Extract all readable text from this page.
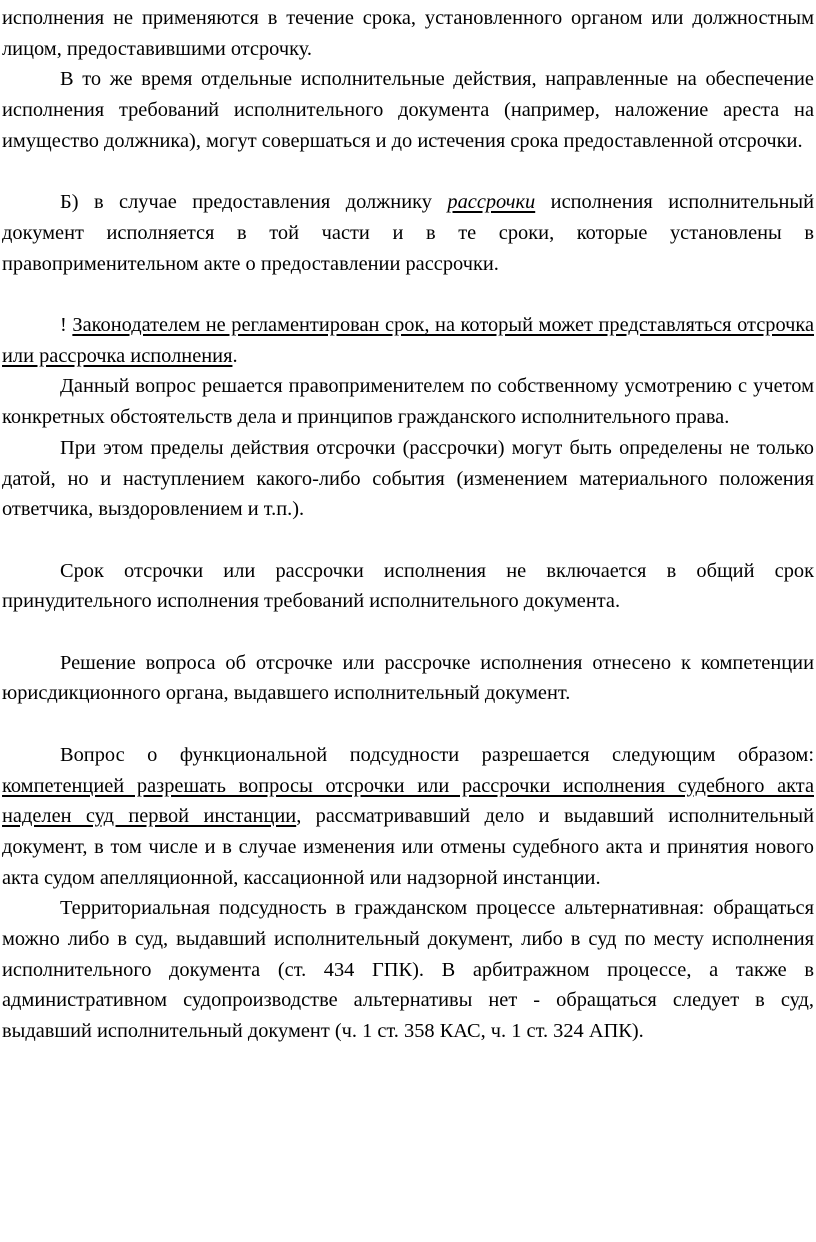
исполнения не применяются в течение срока, установленного органом или должностным лицом, предоставившими отсрочку.

В то же время отдельные исполнительные действия, направленные на обеспечение исполнения требований исполнительного документа (например, наложение ареста на имущество должника), могут совершаться и до истечения срока предоставленной отсрочки.

Б) в случае предоставления должнику рассрочки исполнения исполнительный документ исполняется в той части и в те сроки, которые установлены в правоприменительном акте о предоставлении рассрочки.

! Законодателем не регламентирован срок, на который может представляться отсрочка или рассрочка исполнения.

Данный вопрос решается правоприменителем по собственному усмотрению с учетом конкретных обстоятельств дела и принципов гражданского исполнительного права.

При этом пределы действия отсрочки (рассрочки) могут быть определены не только датой, но и наступлением какого-либо события (изменением материального положения ответчика, выздоровлением и т.п.).

Срок отсрочки или рассрочки исполнения не включается в общий срок принудительного исполнения требований исполнительного документа.

Решение вопроса об отсрочке или рассрочке исполнения отнесено к компетенции юрисдикционного органа, выдавшего исполнительный документ.

Вопрос о функциональной подсудности разрешается следующим образом: компетенцией разрешать вопросы отсрочки или рассрочки исполнения судебного акта наделен суд первой инстанции, рассматривавший дело и выдавший исполнительный документ, в том числе и в случае изменения или отмены судебного акта и принятия нового акта судом апелляционной, кассационной или надзорной инстанции.

Территориальная подсудность в гражданском процессе альтернативная: обращаться можно либо в суд, выдавший исполнительный документ, либо в суд по месту исполнения исполнительного документа (ст. 434 ГПК). В арбитражном процессе, а также в административном судопроизводстве альтернативы нет - обращаться следует в суд, выдавший исполнительный документ (ч. 1 ст. 358 КАС, ч. 1 ст. 324 АПК).
